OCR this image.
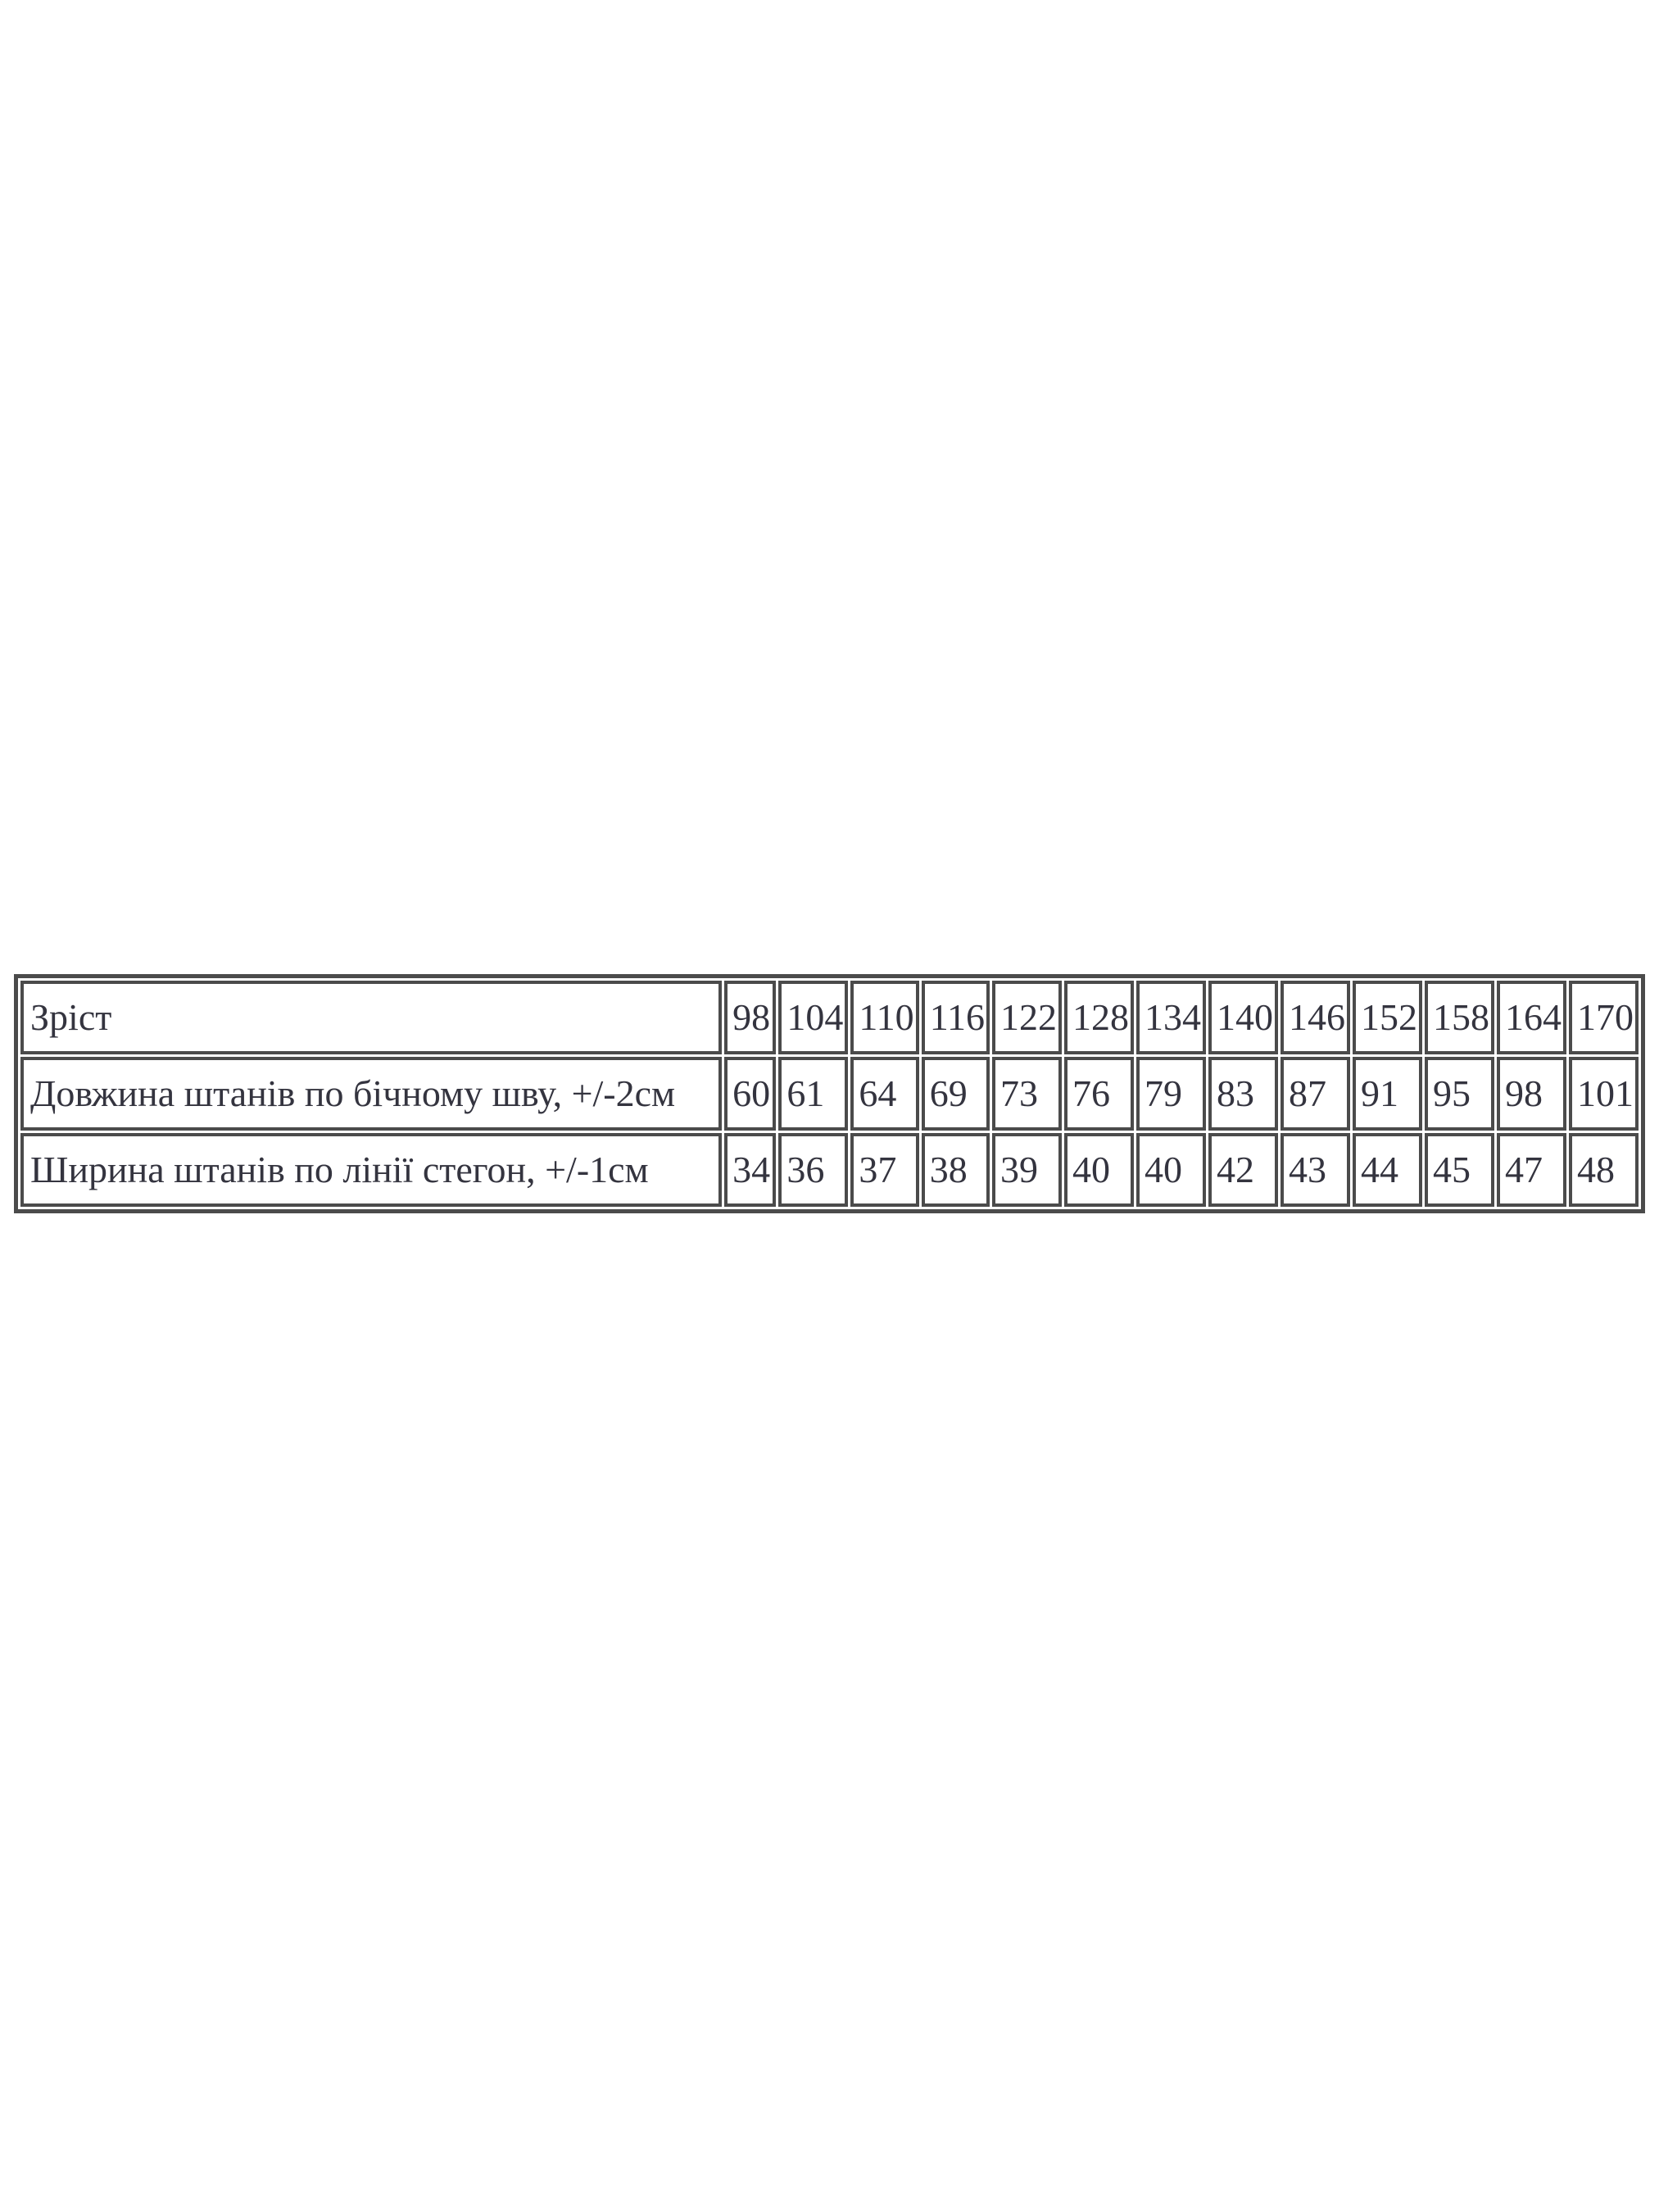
Зріст	98	104	110	116	122	128	134	140	146	152	158	164	170
Довжина штанів по бічному шву, +/-2см	60	61	64	69	73	76	79	83	87	91	95	98	101
Ширина штанів по лінії стегон, +/-1см	34	36	37	38	39	40	40	42	43	44	45	47	48
